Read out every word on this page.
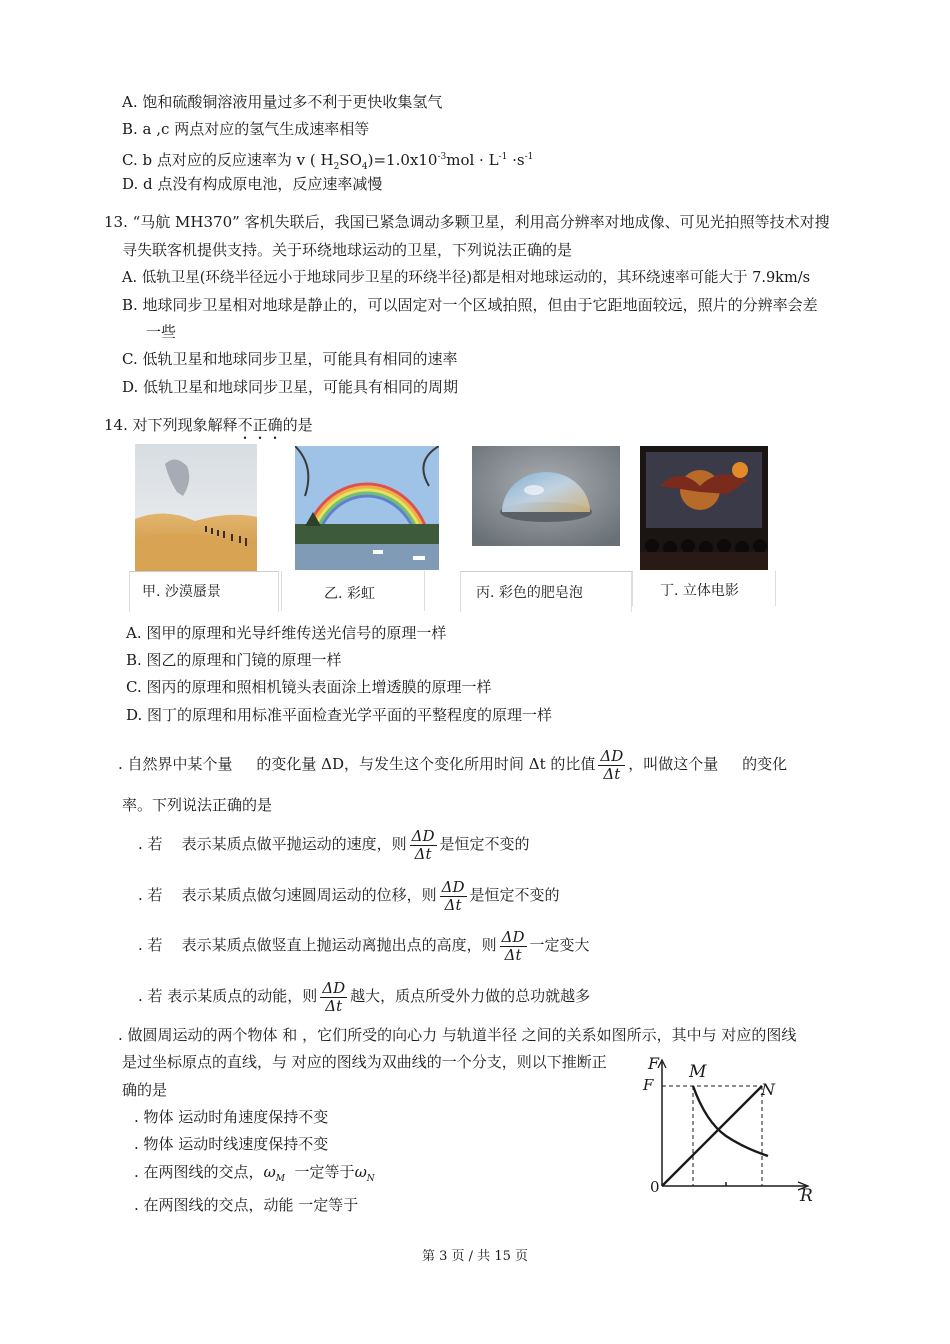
A. 饱和硫酸铜溶液用量过多不利于更快收集氢气
B. a ,c 两点对应的氢气生成速率相等
C. b 点对应的反应速率为 v ( $H_2SO_4)=1.0x10^{-3}mol \cdot L^{-1} \cdot s^{-1}$
D. d 点没有构成原电池，反应速率减慢
13. “马航 MH370” 客机失联后，我国已紧急调动多颗卫星，利用高分辨率对地成像、可见光拍照等技术对搜
寻失联客机提供支持。关于环绕地球运动的卫星，下列说法正确的是
A. 低轨卫星(环绕半径远小于地球同步卫星的环绕半径)都是相对地球运动的，其环绕速率可能大于 7.9km/s
B. 地球同步卫星相对地球是静止的，可以固定对一个区域拍照，但由于它距地面较远，照片的分辨率会差
一些
C. 低轨卫星和地球同步卫星，可能具有相同的速率
D. 低轨卫星和地球同步卫星，可能具有相同的周期
14. 对下列现象解释不正确的是
甲. 沙漠蜃景	乙. 彩虹	丙. 彩色的肥皂泡	丁. 立体电影
A. 图甲的原理和光导纤维传送光信号的原理一样
B. 图乙的原理和门镜的原理一样
C. 图丙的原理和照相机镜头表面涂上增透膜的原理一样
D. 图丁的原理和用标准平面检查光学平面的平整程度的原理一样
. 自然界中某个量 的变化量 ΔD，与发生这个变化所用时间 Δt 的比值 $\frac{\Delta D}{\Delta t}$ ，叫做这个量 的变化
率。下列说法正确的是
. 若 表示某质点做平抛运动的速度，则 $\frac{\Delta D}{\Delta t}$ 是恒定不变的
. 若 表示某质点做匀速圆周运动的位移，则 $\frac{\Delta D}{\Delta t}$ 是恒定不变的
. 若 表示某质点做竖直上抛运动离抛出点的高度，则 $\frac{\Delta D}{\Delta t}$ 一定变大
. 若 表示某质点的动能，则 $\frac{\Delta D}{\Delta t}$ 越大，质点所受外力做的总功就越多
. 做圆周运动的两个物体 和 ，它们所受的向心力 与轨道半径 之间的关系如图所示，其中与 对应的图线
是过坐标原点的直线，与 对应的图线为双曲线的一个分支，则以下推断正
确的是
. 物体 运动时角速度保持不变
. 物体 运动时线速度保持不变
. 在两图线的交点，$\omega_M$ 一定等于$\omega_N$
. 在两图线的交点，动能 一定等于
F
F
M
N
0	R
第 3 页 / 共 15 页
